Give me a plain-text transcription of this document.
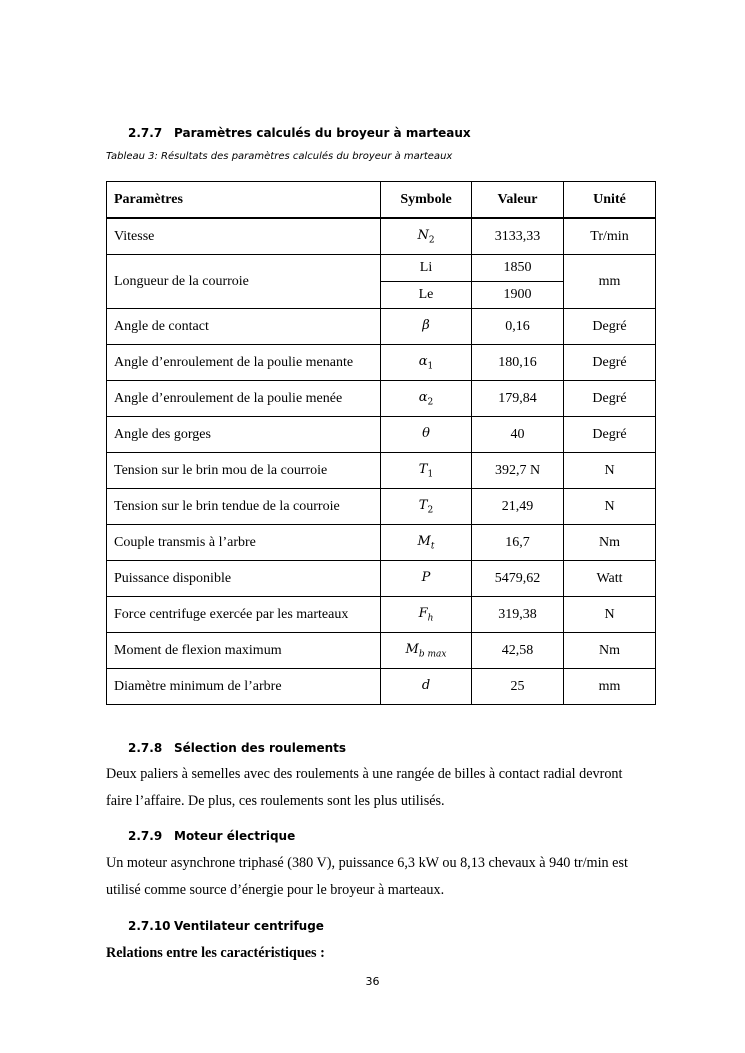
2.7.7 Paramètres calculés du broyeur à marteaux
Tableau 3: Résultats des paramètres calculés du broyeur à marteaux
Paramètres	Symbole	Valeur	Unité
Vitesse	$N_2$	3133,33	Tr/min
Longueur de la courroie	Li	1850	mm
	Le	1900	
Angle de contact	β	0,16	Degré
Angle d’enroulement de la poulie menante	$\alpha_1$	180,16	Degré
Angle d’enroulement de la poulie menée	$\alpha_2$	179,84	Degré
Angle des gorges	θ	40	Degré
Tension sur le brin mou de la courroie	$T_1$	392,7 N	N
Tension sur le brin tendue de la courroie	$T_2$	21,49	N
Couple transmis à l’arbre	$M_t$	16,7	Nm
Puissance disponible	P	5479,62	Watt
Force centrifuge exercée par les marteaux	$F_h$	319,38	N
Moment de flexion maximum	$M_{b max}$	42,58	Nm
Diamètre minimum de l’arbre	d	25	mm
2.7.8 Sélection des roulements
Deux paliers à semelles avec des roulements à une rangée de billes à contact radial devront
faire l’affaire. De plus, ces roulements sont les plus utilisés.
2.7.9 Moteur électrique
Un moteur asynchrone triphasé (380 V), puissance 6,3 kW ou 8,13 chevaux à 940 tr/min est
utilisé comme source d’énergie pour le broyeur à marteaux.
2.7.10 Ventilateur centrifuge
Relations entre les caractéristiques :
36
